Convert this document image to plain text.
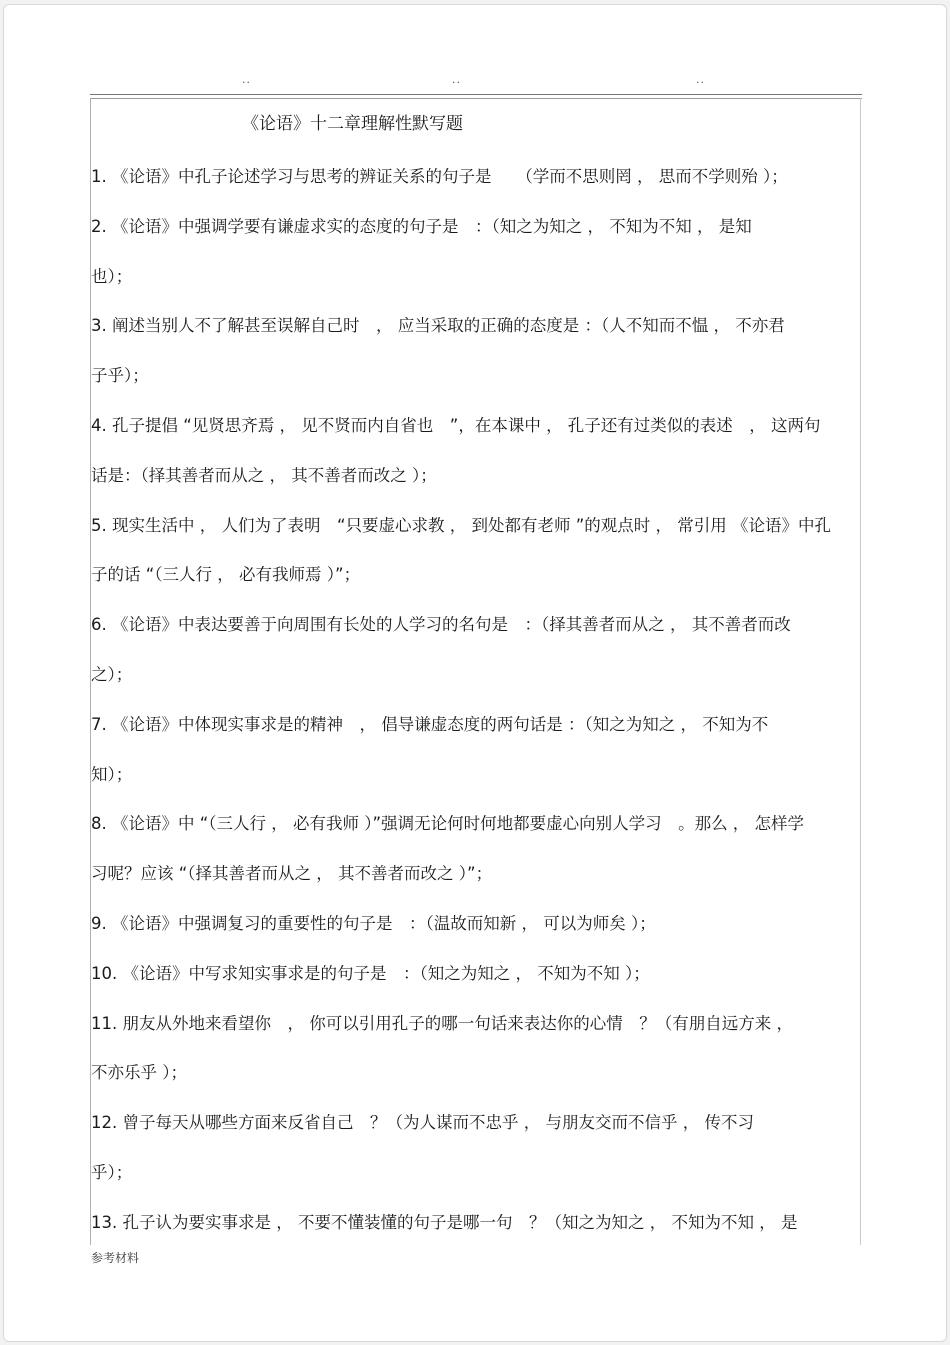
..	..	..
《论语》十二章理解性默写题
1. 《论语》中孔子论述学习与思考的辨证关系的句子是　　（学而不思则罔 ， 思而不学则殆 ）；
2. 《论语》中强调学要有谦虚求实的态度的句子是　：（知之为知之 ， 不知为不知 ， 是知
也）；
3. 阐述当别人不了解甚至误解自己时　， 应当采取的正确的态度是 ：（人不知而不愠 ， 不亦君
子乎）；
4. 孔子提倡 “见贤思齐焉 ， 见不贤而内自省也　”，在本课中 ， 孔子还有过类似的表述　， 这两句
话是：（择其善者而从之 ， 其不善者而改之 ）；
5. 现实生活中 ， 人们为了表明　“只要虚心求教 ， 到处都有老师 ”的观点时 ， 常引用 《论语》中孔
子的话 “（三人行 ， 必有我师焉 ）”；
6. 《论语》中表达要善于向周围有长处的人学习的名句是　：（择其善者而从之 ， 其不善者而改
之）；
7. 《论语》中体现实事求是的精神　， 倡导谦虚态度的两句话是 ：（知之为知之 ， 不知为不
知）；
8. 《论语》中 “（三人行 ， 必有我师 ）”强调无论何时何地都要虚心向别人学习　。那么 ， 怎样学
习呢？应该 “（择其善者而从之 ， 其不善者而改之 ）”；
9. 《论语》中强调复习的重要性的句子是　：（温故而知新 ， 可以为师矣 ）；
10. 《论语》中写求知实事求是的句子是　：（知之为知之 ， 不知为不知 ）；
11. 朋友从外地来看望你　， 你可以引用孔子的哪一句话来表达你的心情　？（有朋自远方来 ，
不亦乐乎 ）；
12. 曾子每天从哪些方面来反省自己　？（为人谋而不忠乎 ， 与朋友交而不信乎 ， 传不习
乎）；
13. 孔子认为要实事求是 ， 不要不懂装懂的句子是哪一句　？（知之为知之 ， 不知为不知 ， 是
参考材料
